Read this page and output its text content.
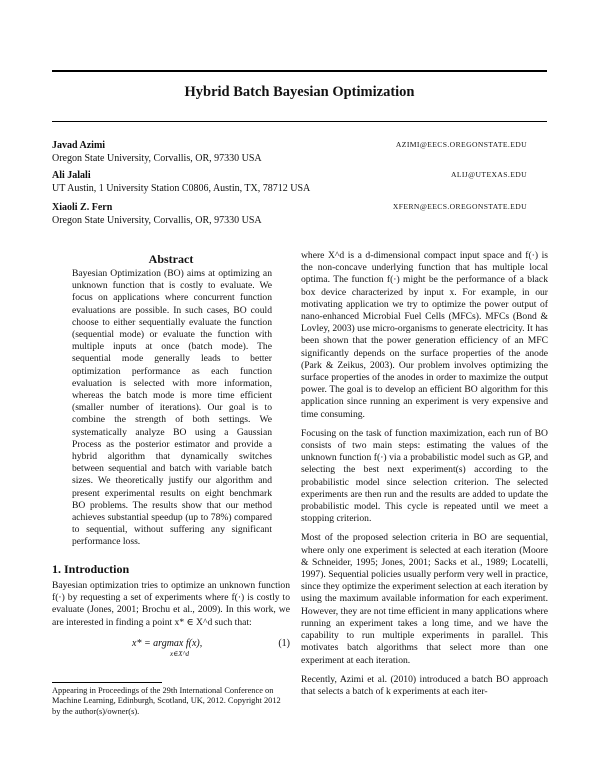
Hybrid Batch Bayesian Optimization
Javad Azimi	AZIMI@EECS.OREGONSTATE.EDU
Oregon State University, Corvallis, OR, 97330 USA
Ali Jalali	ALIJ@UTEXAS.EDU
UT Austin, 1 University Station C0806, Austin, TX, 78712 USA
Xiaoli Z. Fern	XFERN@EECS.OREGONSTATE.EDU
Oregon State University, Corvallis, OR, 97330 USA
Abstract
Bayesian Optimization (BO) aims at optimizing an unknown function that is costly to evaluate. We focus on applications where concurrent function evaluations are possible. In such cases, BO could choose to either sequentially evaluate the function (sequential mode) or evaluate the function with multiple inputs at once (batch mode). The sequential mode generally leads to better optimization performance as each function evaluation is selected with more information, whereas the batch mode is more time efficient (smaller number of iterations). Our goal is to combine the strength of both settings. We systematically analyze BO using a Gaussian Process as the posterior estimator and provide a hybrid algorithm that dynamically switches between sequential and batch with variable batch sizes. We theoretically justify our algorithm and present experimental results on eight benchmark BO problems. The results show that our method achieves substantial speedup (up to 78%) compared to sequential, without suffering any significant performance loss.
1. Introduction
Bayesian optimization tries to optimize an unknown function f(·) by requesting a set of experiments where f(·) is costly to evaluate (Jones, 2001; Brochu et al., 2009). In this work, we are interested in finding a point x* ∈ X^d such that:
x* = argmax f(x),
x∈X^d
(1)
Appearing in Proceedings of the 29th International Conference on Machine Learning, Edinburgh, Scotland, UK, 2012. Copyright 2012 by the author(s)/owner(s).

where X^d is a d-dimensional compact input space and f(·) is the non-concave underlying function that has multiple local optima. The function f(·) might be the performance of a black box device characterized by input x. For example, in our motivating application we try to optimize the power output of nano-enhanced Microbial Fuel Cells (MFCs). MFCs (Bond & Lovley, 2003) use micro-organisms to generate electricity. It has been shown that the power generation efficiency of an MFC significantly depends on the surface properties of the anode (Park & Zeikus, 2003). Our problem involves optimizing the surface properties of the anodes in order to maximize the output power. The goal is to develop an efficient BO algorithm for this application since running an experiment is very expensive and time consuming.

Focusing on the task of function maximization, each run of BO consists of two main steps: estimating the values of the unknown function f(·) via a probabilistic model such as GP, and selecting the best next experiment(s) according to the probabilistic model since selection criterion. The selected experiments are then run and the results are added to update the probabilistic model. This cycle is repeated until we meet a stopping criterion.

Most of the proposed selection criteria in BO are sequential, where only one experiment is selected at each iteration (Moore & Schneider, 1995; Jones, 2001; Sacks et al., 1989; Locatelli, 1997). Sequential policies usually perform very well in practice, since they optimize the experiment selection at each iteration by using the maximum available information for each experiment. However, they are not time efficient in many applications where running an experiment takes a long time, and we have the capability to run multiple experiments in parallel. This motivates batch algorithms that select more than one experiment at each iteration.

Recently, Azimi et al. (2010) introduced a batch BO approach that selects a batch of k experiments at each iter-
